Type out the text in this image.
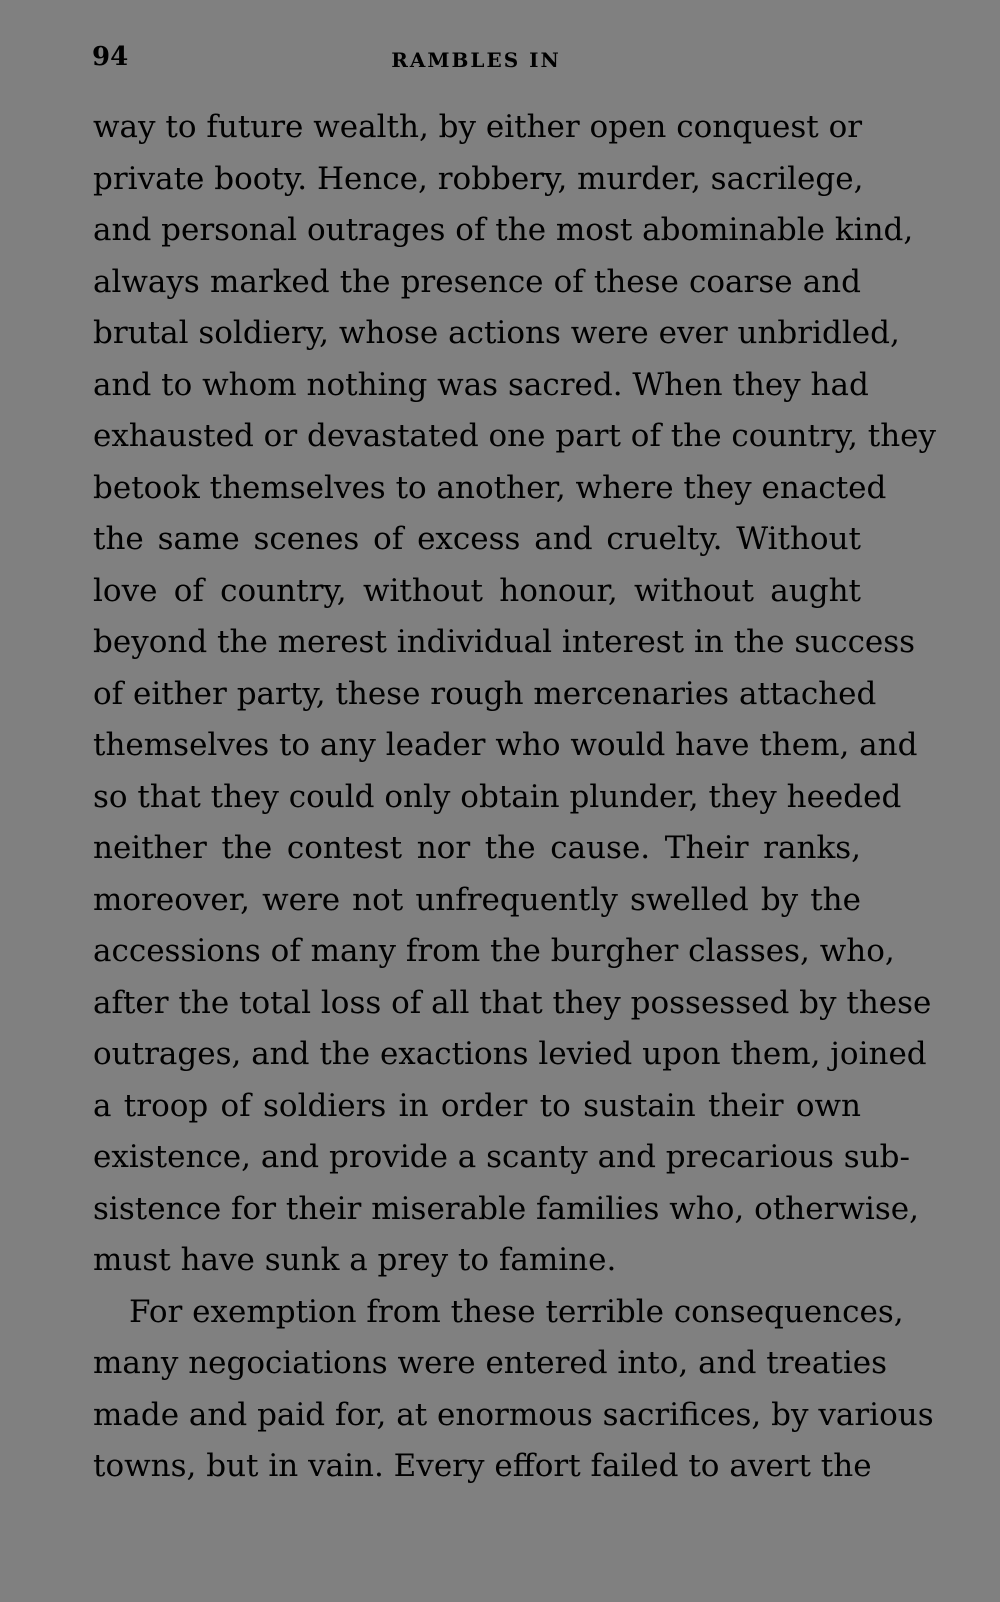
94	RAMBLES IN
way to future wealth, by either open conquest or
private booty. Hence, robbery, murder, sacrilege,
and personal outrages of the most abominable kind,
always marked the presence of these coarse and
brutal soldiery, whose actions were ever unbridled,
and to whom nothing was sacred. When they had
exhausted or devastated one part of the country, they
betook themselves to another, where they enacted
the same scenes of excess and cruelty. Without
love of country, without honour, without aught
beyond the merest individual interest in the success
of either party, these rough mercenaries attached
themselves to any leader who would have them, and
so that they could only obtain plunder, they heeded
neither the contest nor the cause. Their ranks,
moreover, were not unfrequently swelled by the
accessions of many from the burgher classes, who,
after the total loss of all that they possessed by these
outrages, and the exactions levied upon them, joined
a troop of soldiers in order to sustain their own
existence, and provide a scanty and precarious sub-
sistence for their miserable families who, otherwise,
must have sunk a prey to famine.
For exemption from these terrible consequences,
many negociations were entered into, and treaties
made and paid for, at enormous sacrifices, by various
towns, but in vain. Every effort failed to avert the
